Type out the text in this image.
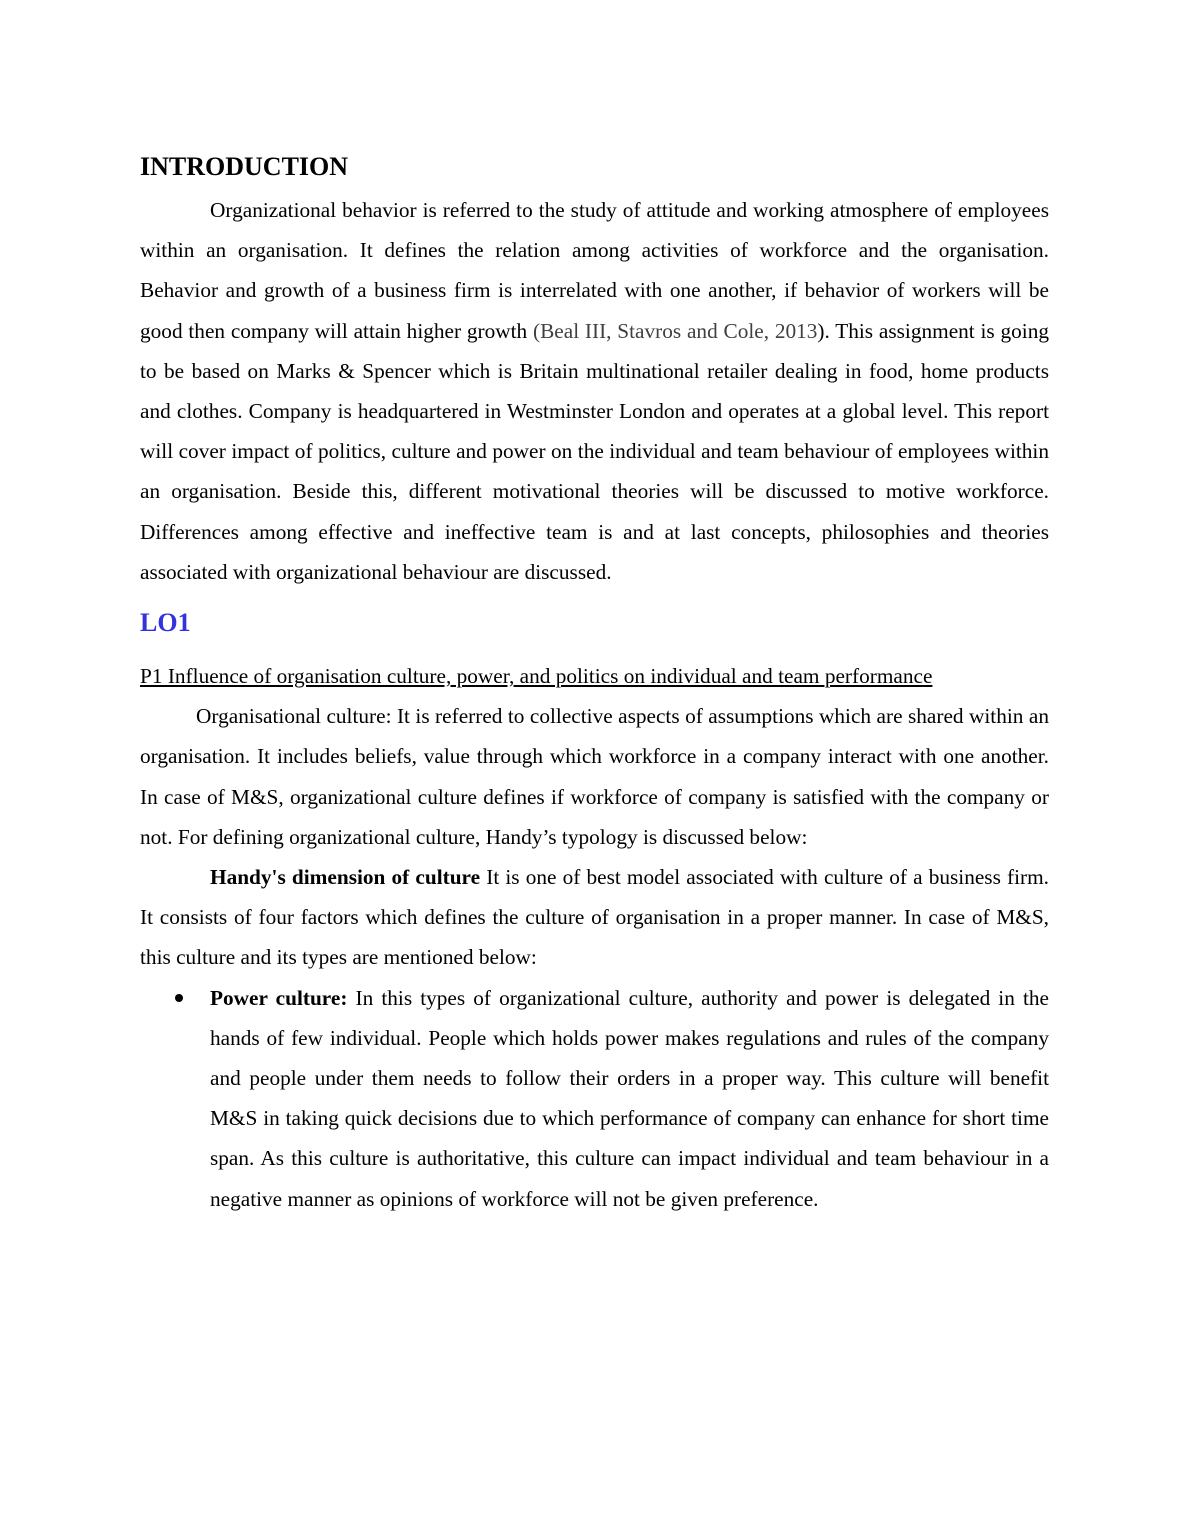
INTRODUCTION

Organizational behavior is referred to the study of attitude and working atmosphere of employees within an organisation. It defines the relation among activities of workforce and the organisation. Behavior and growth of a business firm is interrelated with one another, if behavior of workers will be good then company will attain higher growth (Beal III, Stavros and Cole, 2013). This assignment is going to be based on Marks & Spencer which is Britain multinational retailer dealing in food, home products and clothes. Company is headquartered in Westminster London and operates at a global level. This report will cover impact of politics, culture and power on the individual and team behaviour of employees within an organisation. Beside this, different motivational theories will be discussed to motive workforce. Differences among effective and ineffective team is and at last concepts, philosophies and theories associated with organizational behaviour are discussed.

LO1

P1 Influence of organisation culture, power, and politics on individual and team performance

Organisational culture: It is referred to collective aspects of assumptions which are shared within an organisation. It includes beliefs, value through which workforce in a company interact with one another. In case of M&S, organizational culture defines if workforce of company is satisfied with the company or not. For defining organizational culture, Handy’s typology is discussed below:

Handy's dimension of culture It is one of best model associated with culture of a business firm. It consists of four factors which defines the culture of organisation in a proper manner. In case of M&S, this culture and its types are mentioned below:

Power culture: In this types of organizational culture, authority and power is delegated in the hands of few individual. People which holds power makes regulations and rules of the company and people under them needs to follow their orders in a proper way. This culture will benefit M&S in taking quick decisions due to which performance of company can enhance for short time span. As this culture is authoritative, this culture can impact individual and team behaviour in a negative manner as opinions of workforce will not be given preference.
